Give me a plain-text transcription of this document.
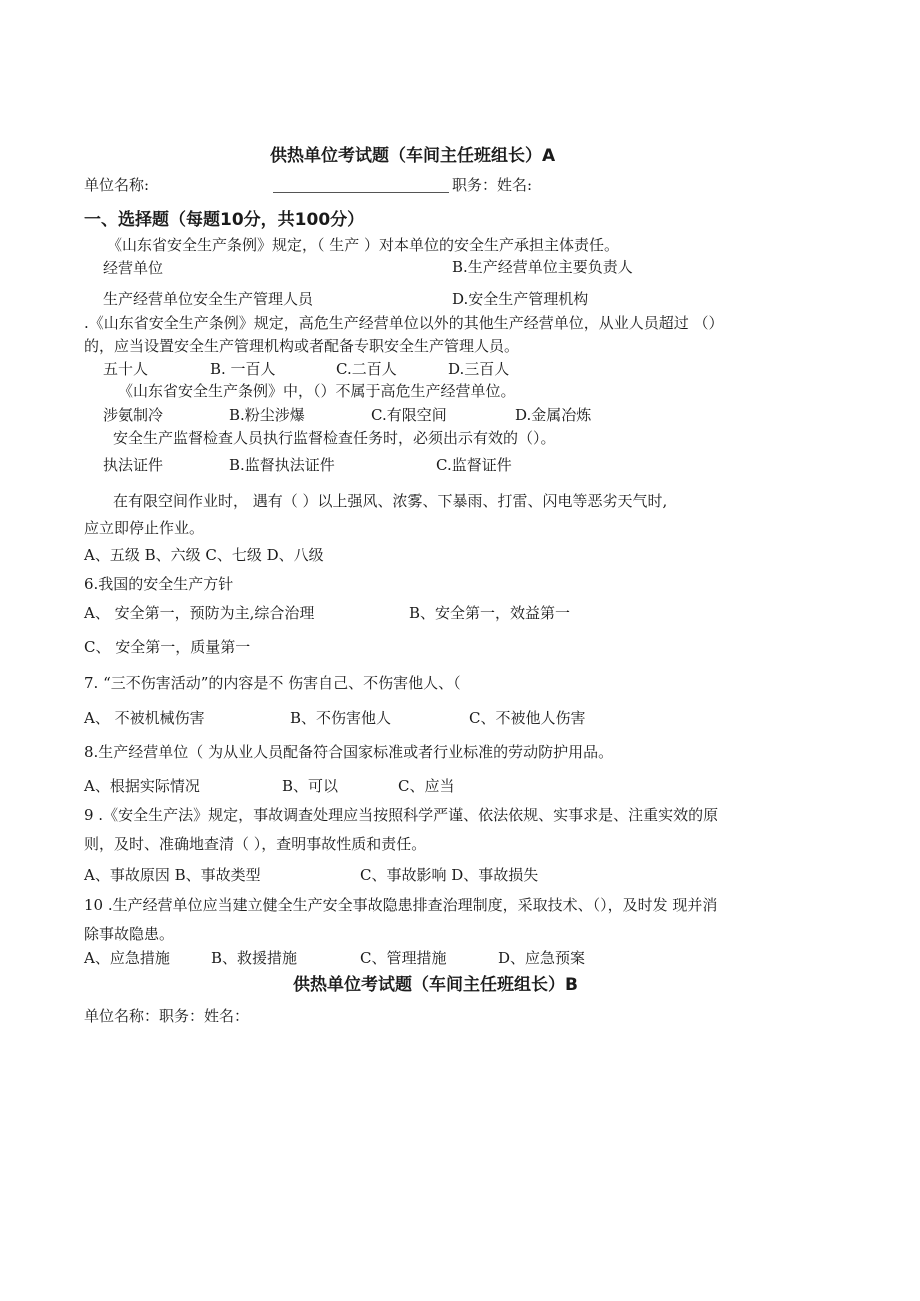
供热单位考试题（车间主任班组长）A
单位名称:	职务：姓名:
一、选择题（每题10分，共100分）
《山东省安全生产条例》规定，（ 生产 ）对本单位的安全生产承担主体责任。
经营单位	B.生产经营单位主要负责人
生产经营单位安全生产管理人员	D.安全生产管理机构
.《山东省安全生产条例》规定，高危生产经营单位以外的其他生产经营单位，从业人员超过 （）
的，应当设置安全生产管理机构或者配备专职安全生产管理人员。
五十人	B. 一百人	C.二百人	D.三百人
《山东省安全生产条例》中，（）不属于高危生产经营单位。
涉氨制冷	B.粉尘涉爆	C.有限空间	D.金属冶炼
安全生产监督检查人员执行监督检查任务时，必须出示有效的（）。
执法证件	B.监督执法证件	C.监督证件
在有限空间作业时， 遇有（ ）以上强风、浓雾、下暴雨、打雷、闪电等恶劣天气时,
应立即停止作业。
A、五级 B、六级 C、七级 D、八级
6.我国的安全生产方针
A、 安全第一，预防为主,综合治理	B、安全第一，效益第一
C、 安全第一，质量第一
7. “三不伤害活动”的内容是不 伤害自己、不伤害他人、（
A、 不被机械伤害	B、不伤害他人	C、不被他人伤害
8.生产经营单位（ 为从业人员配备符合国家标准或者行业标准的劳动防护用品。
A、根据实际情况	B、可以	C、应当
9 .《安全生产法》规定，事故调查处理应当按照科学严谨、依法依规、实事求是、注重实效的原
则，及时、准确地查清（ ），查明事故性质和责任。
A、事故原因 B、事故类型	C、事故影响 D、事故损失
10 .生产经营单位应当建立健全生产安全事故隐患排查治理制度，采取技术、（），及时发 现并消
除事故隐患。
A、应急措施	B、救援措施	C、管理措施	D、应急预案
供热单位考试题（车间主任班组长）B
单位名称：职务：姓名：
